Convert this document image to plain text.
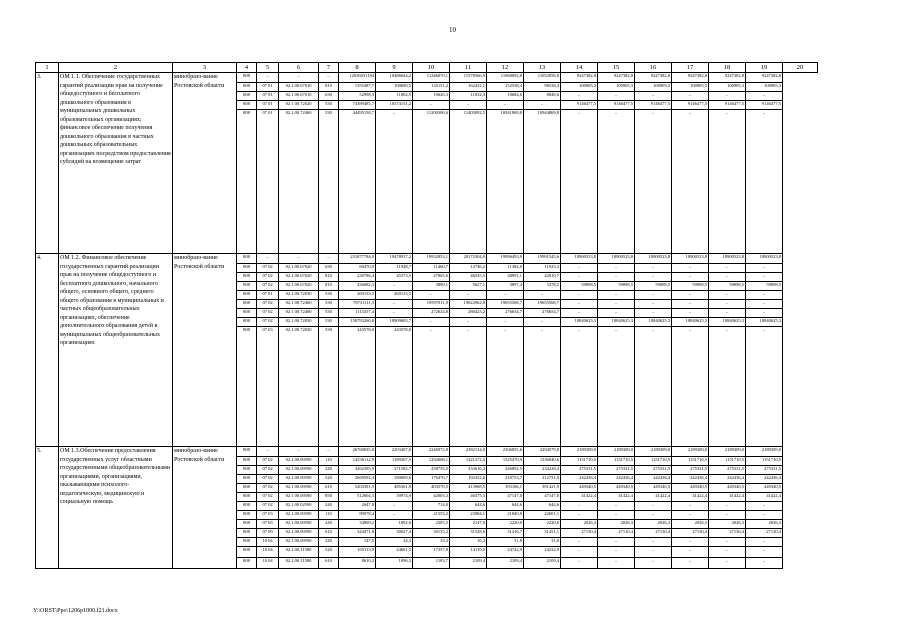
10
1	2	3	4	5	6	7	8	9	10	11	12	13	14	15	16	17	18	19	20
3.	ОМ 1.1. Обеспечение государственных гарантий реализации прав на получение общедоступного и бесплатного дошкольного образования в муниципальных дошкольных образовательных организациях; финансовое обеспечение получения дошкольного образования в частных дошкольных образовательных организациях посредством предоставления субсидий на возмещение затрат	минобразо-вание Ростовской области	808	–	–	–	12036031184	10486644,2	11346070,1	11578366,9	11068092,8	11052056,8	9247382,8	9247382,8	9247382,8	9247382,8	9247382,8	9247382,8	
			808	07 01	02.1.00.67010	810	1355487,7	100690,5	135151,2	162432,1	152538,4	98338,4	100905,3	100905,3	100905,3	100905,3	100905,3	100905,3	
			808	07 01	02.1.00.67010	630	52998,3	11802,5	10620,3	11032,3	10684,6	8848,6	–	–	–	–	–	–	
			808	07 01	02.1.00.72020	530	74389485,7	10374151,2	–	–	–	–	9146477,5	9146477,5	9146477,5	9146477,5	9146477,5	9146477,5	
			808	07 01	02.1.00.72460	530	44495138,7	–	11200306,6	11405092,5	10941869,8	10944869,8	–	–	–	–	–	–	
4.	ОМ 1.2. Финансовое обеспечение государственных гарантий реализации прав на получение общедоступного и бесплатного дошкольного, начального общего, основного общего, среднего общего образования в муниципальных и частных общеобразовательных организациях, обеспечение дополнительного образования детей в муниципальных общеобразовательных организациях	минобразо-вание Ростовской области	808	–	–	–	231877784,0	19478917,2	19932853,1	20172304,0	19996493,9	19991545,6	18900523,8	18900523,8	18900523,8	18900523,8	18900523,8	18900523,8	
			808	07 02	02.1.00.67020	630	60470,9	11948,7	11460,7	13746,2	11382,0	11923,3	–	–	–	–	–	–	
			808	07 02	02.1.00.67020	810	230786,4	45373,5	47865,6	46545,5	48991,1	42010,7	–	–	–	–	–	–	
			808	07 02	02.1.00.67020	810	436082,3	–	3890,1	5627,1	3897,4	3378,2	59898,5	59898,5	59898,5	59898,5	59898,5	59898,5	
			808	07 01	02.1.00.72030	530	269133,3	269133,3	–	–	–	–	–	–	–	–	–	–	
			808	07 02	02.1.00.72460	530	78731111,3	–	19597011,9	19822962,0	19655568,7	19655568,7	–	–	–	–	–	–	
			808	07 02	02.1.00.72460	530	1113357,4	–	272624,8	280423,2	276654,7	276654,7	–	–	–	–	–	–	
			808	07 02	02.1.00.72030	530	150793260,8	18909683,7	–	–	–	–	18840625,3	18840625,3	18840625,3	18840625,3	18840625,3	18840625,3	
			808	07 03	02.1.00.72030	530	243578,0	243578,0	–	–	–	–	–	–	–	–	–	–	
5.	ОМ 1.3.Обеспечение предоставления государственных услуг областными государственными общеобразовательными организациями, организациями, оказывающими психолого-педагогическую, медицинскую и социальную помощь	минобразо-вание Ростовской области	808	–	–	–	26760035,8	2203407,6	2246972,8	2382134,0	2306855,6	2294579,8	2189309,0	2189309,0	2189309,0	2189309,0	2189309,0	2189309,0	
			808	07 02	02.1.00.00590	110	14536112,9	1189267,5	1292668,1	1321272,3	1325470,9	1336040,6	1151710,5	1151710,5	1151710,5	1151710,5	1151710,5	1151710,5	
			808	07 02	02.1.00.00590	240	3262395,9	271582,7	258755,5	333616,3	246892,5	234228,4	275331,5	275331,5	275331,5	275331,5	275331,5	275331,5	
			808	07 02	02.1.00.00590	320	2669592,4	180009,6	176470,7	192352,6	210753,7	212751,0	242436,4	242436,4	242436,4	242436,4	242436,4	242436,4	
			808	07 02	02.1.00.00590	610	5203391,5	485361,0	403570,5	413968,5	393186,1	391421,9	449340,5	449340,5	449340,5	449340,5	449340,5	449340,5	
			808	07 02	02.1.00.00590	850	512604,3	39974,9	42003,3	46375,3	47147,0	47147,0	41422,4	41422,4	41422,4	41422,4	41422,4	41422,4	
			808	07 02	02.1.00.02590	240	2647,8	–	714,0	644,6	644,6	644,6	–	–	–	–	–	–	
			808	07 03	02.1.00.00590	110	89978,4	–	21553,2	23984,1	21840,0	22601,1	–	–	–	–	–	–	
			808	07 03	02.1.00.00590	240	34969,2	1892,6	2305,5	2147,0	2220,0	2220,0	2026,3	2026,3	2026,3	2026,3	2026,3	2026,3	
			808	07 09	02.1.00.00590	610	344471,8	30027,4	30135,2	31528,6	31416,7	31451,1	27130,4	27130,4	27130,4	27130,4	27130,4	27130,4	
			808	10 04	02.1.00.00590	240	147,5	34,3	33,3	16,3	31,8	31,8	–	–	–	–	–	–	
			808	10 04	02.1.00.11580	320	105113,9	24661,3	17357,8	14119,0	24742,9	24232,9	–	–	–	–	–	–	
			808	10 04	02.1.00.11580	610	8610,2	1096,3	1183,7	2109,4	2109,4	2109,4	–	–	–	–	–	–	
Y:\ORST\Ppo\1206p1000.f21.docx
